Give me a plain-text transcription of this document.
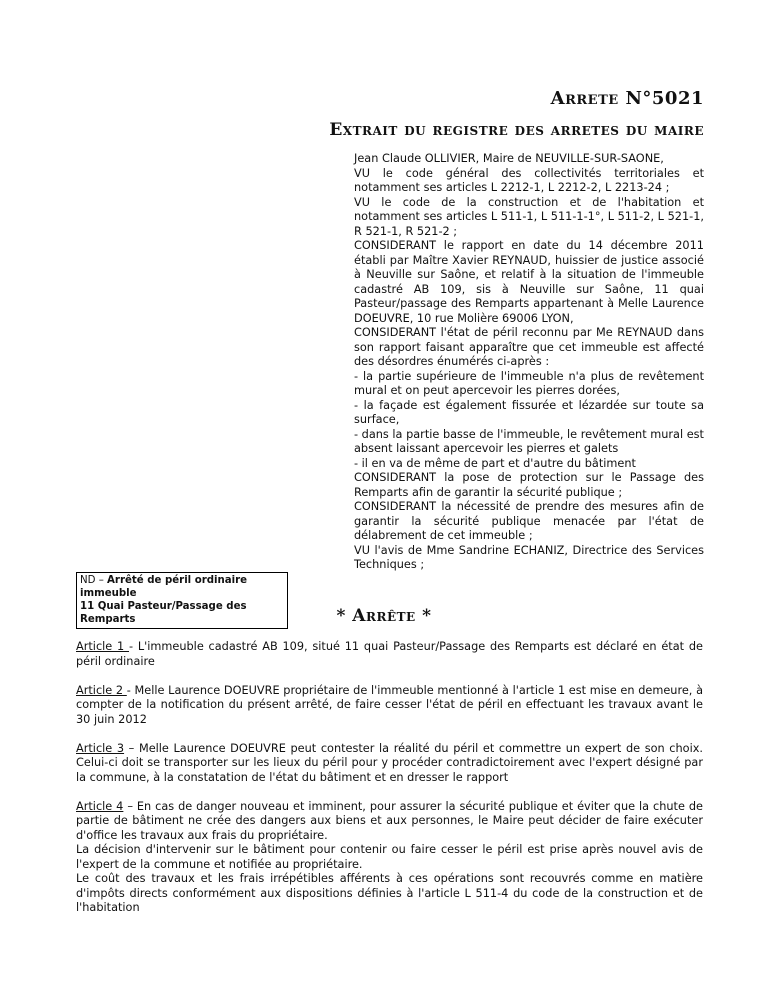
Arrete N°5021
Extrait du registre des arretes du maire

Jean Claude OLLIVIER, Maire de NEUVILLE-SUR-SAONE,

VU le code général des collectivités territoriales et notamment ses articles L 2212-1, L 2212-2, L 2213-24 ;

VU le code de la construction et de l'habitation et notamment ses articles L 511-1, L 511-1-1°, L 511-2, L 521-1, R 521-1, R 521-2 ;

CONSIDERANT le rapport en date du 14 décembre 2011 établi par Maître Xavier REYNAUD, huissier de justice associé à Neuville sur Saône, et relatif à la situation de l'immeuble cadastré AB 109, sis à Neuville sur Saône, 11 quai Pasteur/passage des Remparts appartenant à Melle Laurence DOEUVRE, 10 rue Molière 69006 LYON,

CONSIDERANT l'état de péril reconnu par Me REYNAUD dans son rapport faisant apparaître que cet immeuble est affecté des désordres énumérés ci-après :

- la partie supérieure de l'immeuble n'a plus de revêtement mural et on peut apercevoir les pierres dorées,

- la façade est également fissurée et lézardée sur toute sa surface,

- dans la partie basse de l'immeuble, le revêtement mural est absent laissant apercevoir les pierres et galets

- il en va de même de part et d'autre du bâtiment

CONSIDERANT la pose de protection sur le Passage des Remparts afin de garantir la sécurité publique ;

CONSIDERANT la nécessité de prendre des mesures afin de garantir la sécurité publique menacée par l'état de délabrement de cet immeuble ;

VU l'avis de Mme Sandrine ECHANIZ, Directrice des Services Techniques ;

ND – Arrêté de péril ordinaire immeuble
11 Quai Pasteur/Passage des Remparts	* Arrête *

Article 1 - L'immeuble cadastré AB 109, situé 11 quai Pasteur/Passage des Remparts est déclaré en état de péril ordinaire

Article 2 - Melle Laurence DOEUVRE propriétaire de l'immeuble mentionné à l'article 1 est mise en demeure, à compter de la notification du présent arrêté, de faire cesser l'état de péril en effectuant les travaux avant le 30 juin 2012

Article 3 – Melle Laurence DOEUVRE peut contester la réalité du péril et commettre un expert de son choix. Celui-ci doit se transporter sur les lieux du péril pour y procéder contradictoirement avec l'expert désigné par la commune, à la constatation de l'état du bâtiment et en dresser le rapport

Article 4 – En cas de danger nouveau et imminent, pour assurer la sécurité publique et éviter que la chute de partie de bâtiment ne crée des dangers aux biens et aux personnes, le Maire peut décider de faire exécuter d'office les travaux aux frais du propriétaire.

La décision d'intervenir sur le bâtiment pour contenir ou faire cesser le péril est prise après nouvel avis de l'expert de la commune et notifiée au propriétaire.

Le coût des travaux et les frais irrépétibles afférents à ces opérations sont recouvrés comme en matière d'impôts directs conformément aux dispositions définies à l'article L 511-4 du code de la construction et de l'habitation
